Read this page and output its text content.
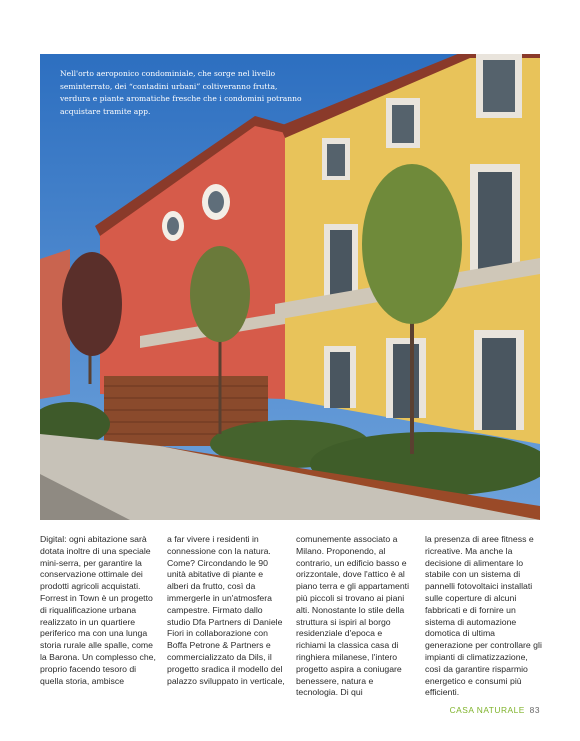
Nell'orto aeroponico condominiale, che sorge nel livello seminterrato, dei “contadini urbani” coltiveranno frutta, verdura e piante aromatiche fresche che i condomini potranno acquistare tramite app.

Digital: ogni abitazione sarà dotata inoltre di una speciale mini-serra, per garantire la conservazione ottimale dei prodotti agricoli acquistati. Forrest in Town è un progetto di riqualificazione urbana realizzato in un quartiere periferico ma con una lunga storia rurale alle spalle, come la Barona. Un complesso che, proprio facendo tesoro di quella storia, ambisce

a far vivere i residenti in connessione con la natura. Come? Circondando le 90 unità abitative di piante e alberi da frutto, così da immergerle in un'atmosfera campestre. Firmato dallo studio Dfa Partners di Daniele Fiori in collaborazione con Boffa Petrone & Partners e commercializzato da Dils, il progetto sradica il modello del palazzo sviluppato in verticale,

comunemente associato a Milano. Proponendo, al contrario, un edificio basso e orizzontale, dove l'attico è al piano terra e gli appartamenti più piccoli si trovano ai piani alti. Nonostante lo stile della struttura si ispiri al borgo residenziale d'epoca e richiami la classica casa di ringhiera milanese, l'intero progetto aspira a coniugare benessere, natura e tecnologia. Di qui

la presenza di aree fitness e ricreative. Ma anche la decisione di alimentare lo stabile con un sistema di pannelli fotovoltaici installati sulle coperture di alcuni fabbricati e di fornire un sistema di automazione domotica di ultima generazione per controllare gli impianti di climatizzazione, così da garantire risparmio energetico e consumi più efficienti.

CASA NATURALE 83
